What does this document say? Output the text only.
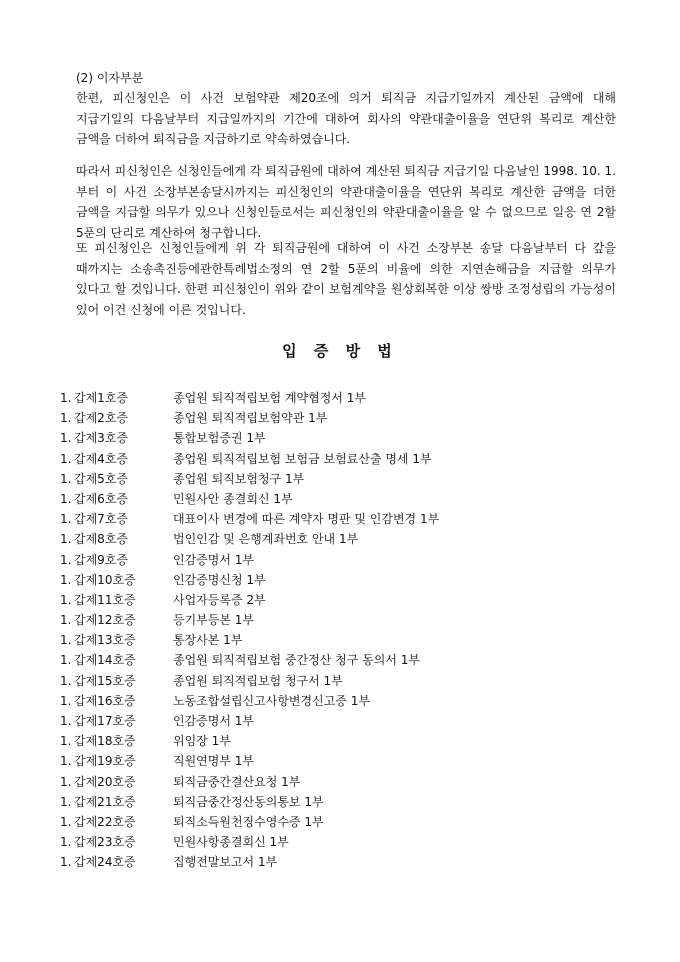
(2) 이자부분

한편, 피신청인은 이 사건 보험약관 제20조에 의거 퇴직금 지급기일까지 계산된 금액에 대해 지급기일의 다음날부터 지급일까지의 기간에 대하여 회사의 약관대출이율을 연단위 복리로 계산한 금액을 더하여 퇴직금을 지급하기로 약속하였습니다.

따라서 피신청인은 신청인들에게 각 퇴직금원에 대하여 계산된 퇴직금 지급기일 다음날인 1998. 10. 1.부터 이 사건 소장부본송달시까지는 피신청인의 약관대출이율을 연단위 복리로 계산한 금액을 더한 금액을 지급할 의무가 있으나 신청인들로서는 피신청인의 약관대출이율을 알 수 없으므로 일응 연 2할 5푼의 단리로 계산하여 청구합니다.

또 피신청인은 신청인들에게 위 각 퇴직금원에 대하여 이 사건 소장부본 송달 다음날부터 다 갚을 때까지는 소송촉진등에관한특례법소정의 연 2할 5푼의 비율에 의한 지연손해금을 지급할 의무가 있다고 할 것입니다. 한편 피신청인이 위와 같이 보험계약을 원상회복한 이상 쌍방 조정성립의 가능성이 있어 이건 신청에 이른 것입니다.

입 증 방 법
1. 갑제1호증	종업원 퇴직적립보험 계약협정서 1부
1. 갑제2호증	종업원 퇴직적립보험약관 1부
1. 갑제3호증	통합보험증권 1부
1. 갑제4호증	종업원 퇴직적립보험 보험금 보험료산출 명세 1부
1. 갑제5호증	종업원 퇴직보험청구 1부
1. 갑제6호증	민원사안 종결회신 1부
1. 갑제7호증	대표이사 변경에 따른 계약자 명판 및 인감변경 1부
1. 갑제8호증	법인인감 및 은행계좌번호 안내 1부
1. 갑제9호증	인감증명서 1부
1. 갑제10호증	인감증명신청 1부
1. 갑제11호증	사업자등록증 2부
1. 갑제12호증	등기부등본 1부
1. 갑제13호증	통장사본 1부
1. 갑제14호증	종업원 퇴직적립보험 중간정산 청구 동의서 1부
1. 갑제15호증	종업원 퇴직적립보험 청구서 1부
1. 갑제16호증	노동조합설립신고사항변경신고증 1부
1. 갑제17호증	인감증명서 1부
1. 갑제18호증	위임장 1부
1. 갑제19호증	직원연명부 1부
1. 갑제20호증	퇴직금중간결산요청 1부
1. 갑제21호증	퇴직금중간정산동의통보 1부
1. 갑제22호증	퇴직소득원천징수영수증 1부
1. 갑제23호증	민원사항종결회신 1부
1. 갑제24호증	집행전말보고서 1부
